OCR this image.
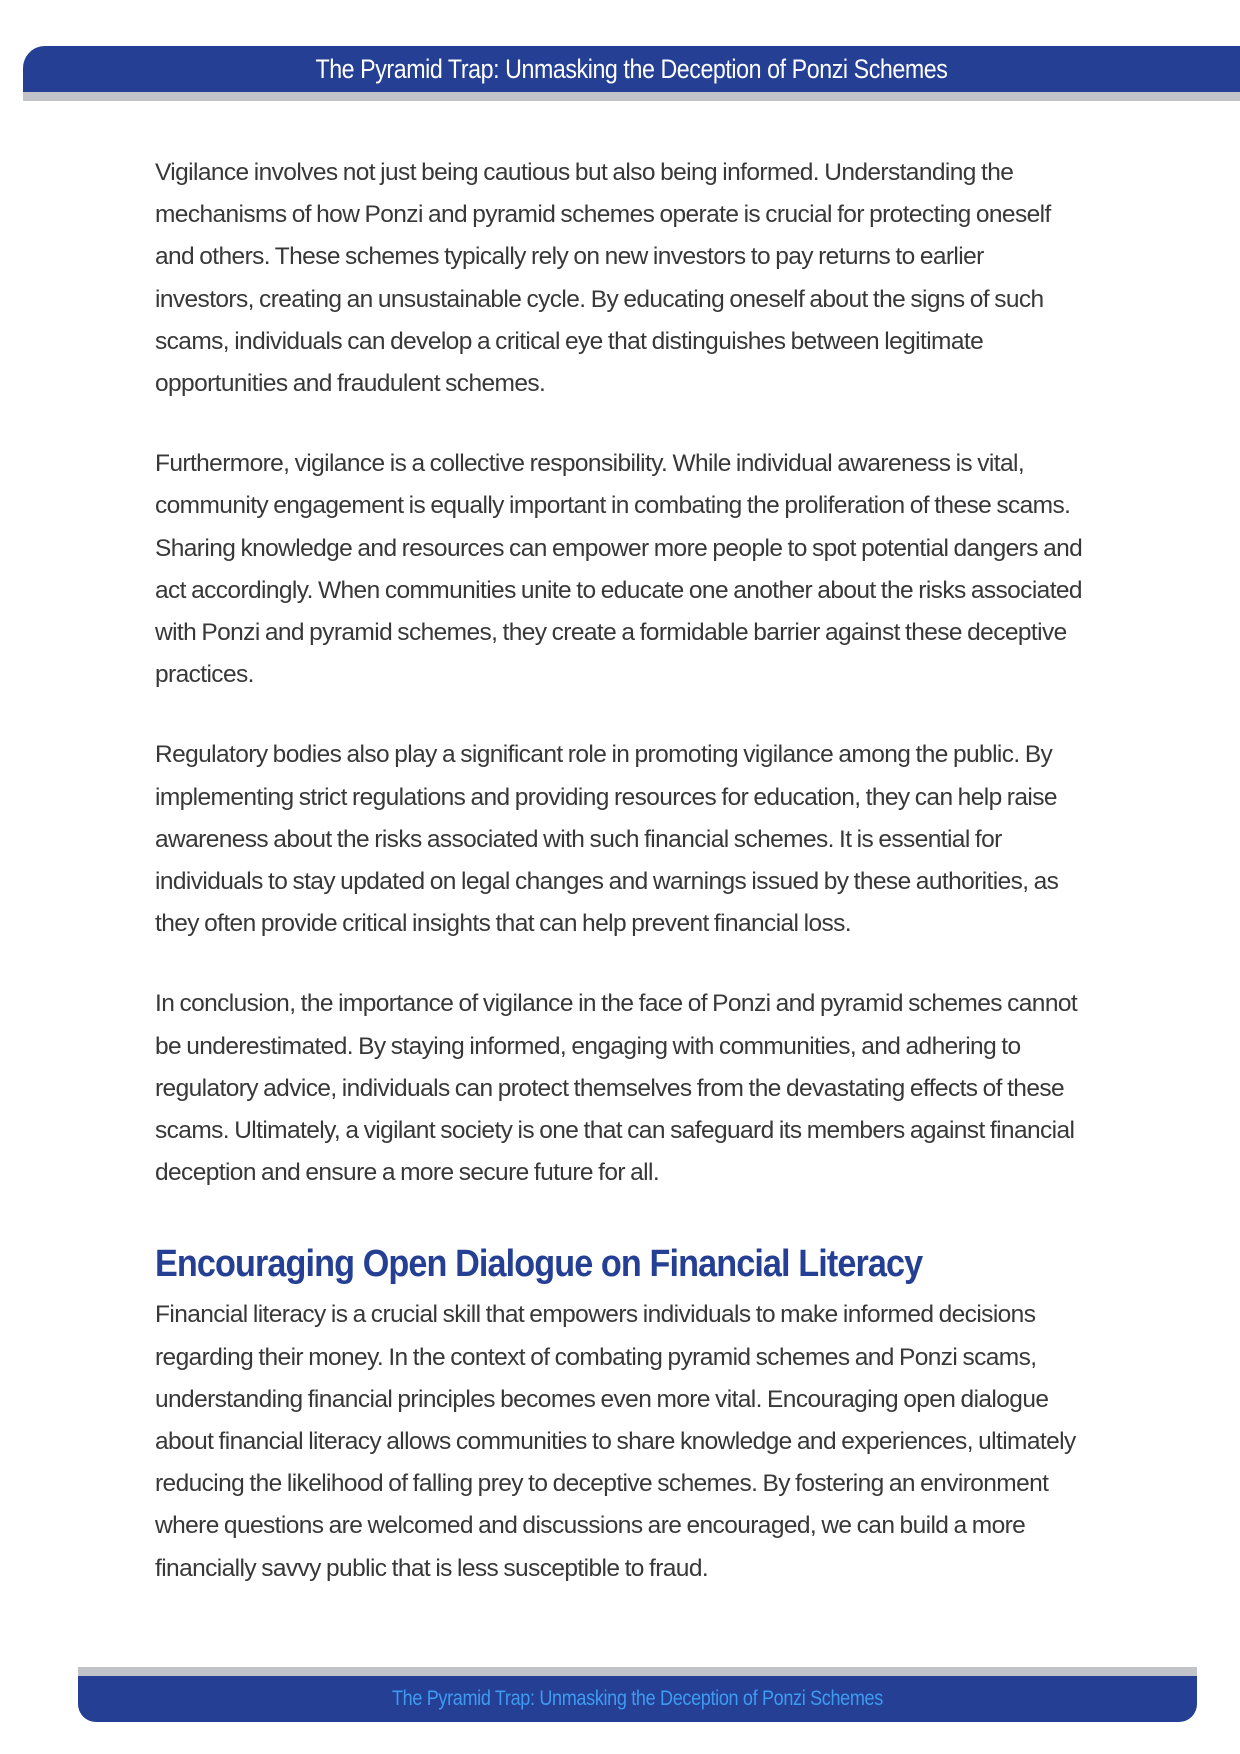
The Pyramid Trap: Unmasking the Deception of Ponzi Schemes

Vigilance involves not just being cautious but also being informed. Understanding the mechanisms of how Ponzi and pyramid schemes operate is crucial for protecting oneself and others. These schemes typically rely on new investors to pay returns to earlier investors, creating an unsustainable cycle. By educating oneself about the signs of such scams, individuals can develop a critical eye that distinguishes between legitimate opportunities and fraudulent schemes.

Furthermore, vigilance is a collective responsibility. While individual awareness is vital, community engagement is equally important in combating the proliferation of these scams. Sharing knowledge and resources can empower more people to spot potential dangers and act accordingly. When communities unite to educate one another about the risks associated with Ponzi and pyramid schemes, they create a formidable barrier against these deceptive practices.

Regulatory bodies also play a significant role in promoting vigilance among the public. By implementing strict regulations and providing resources for education, they can help raise awareness about the risks associated with such financial schemes. It is essential for individuals to stay updated on legal changes and warnings issued by these authorities, as they often provide critical insights that can help prevent financial loss.

In conclusion, the importance of vigilance in the face of Ponzi and pyramid schemes cannot be underestimated. By staying informed, engaging with communities, and adhering to regulatory advice, individuals can protect themselves from the devastating effects of these scams. Ultimately, a vigilant society is one that can safeguard its members against financial deception and ensure a more secure future for all.

Encouraging Open Dialogue on Financial Literacy

Financial literacy is a crucial skill that empowers individuals to make informed decisions regarding their money. In the context of combating pyramid schemes and Ponzi scams, understanding financial principles becomes even more vital. Encouraging open dialogue about financial literacy allows communities to share knowledge and experiences, ultimately reducing the likelihood of falling prey to deceptive schemes. By fostering an environment where questions are welcomed and discussions are encouraged, we can build a more financially savvy public that is less susceptible to fraud.

The Pyramid Trap: Unmasking the Deception of Ponzi Schemes
